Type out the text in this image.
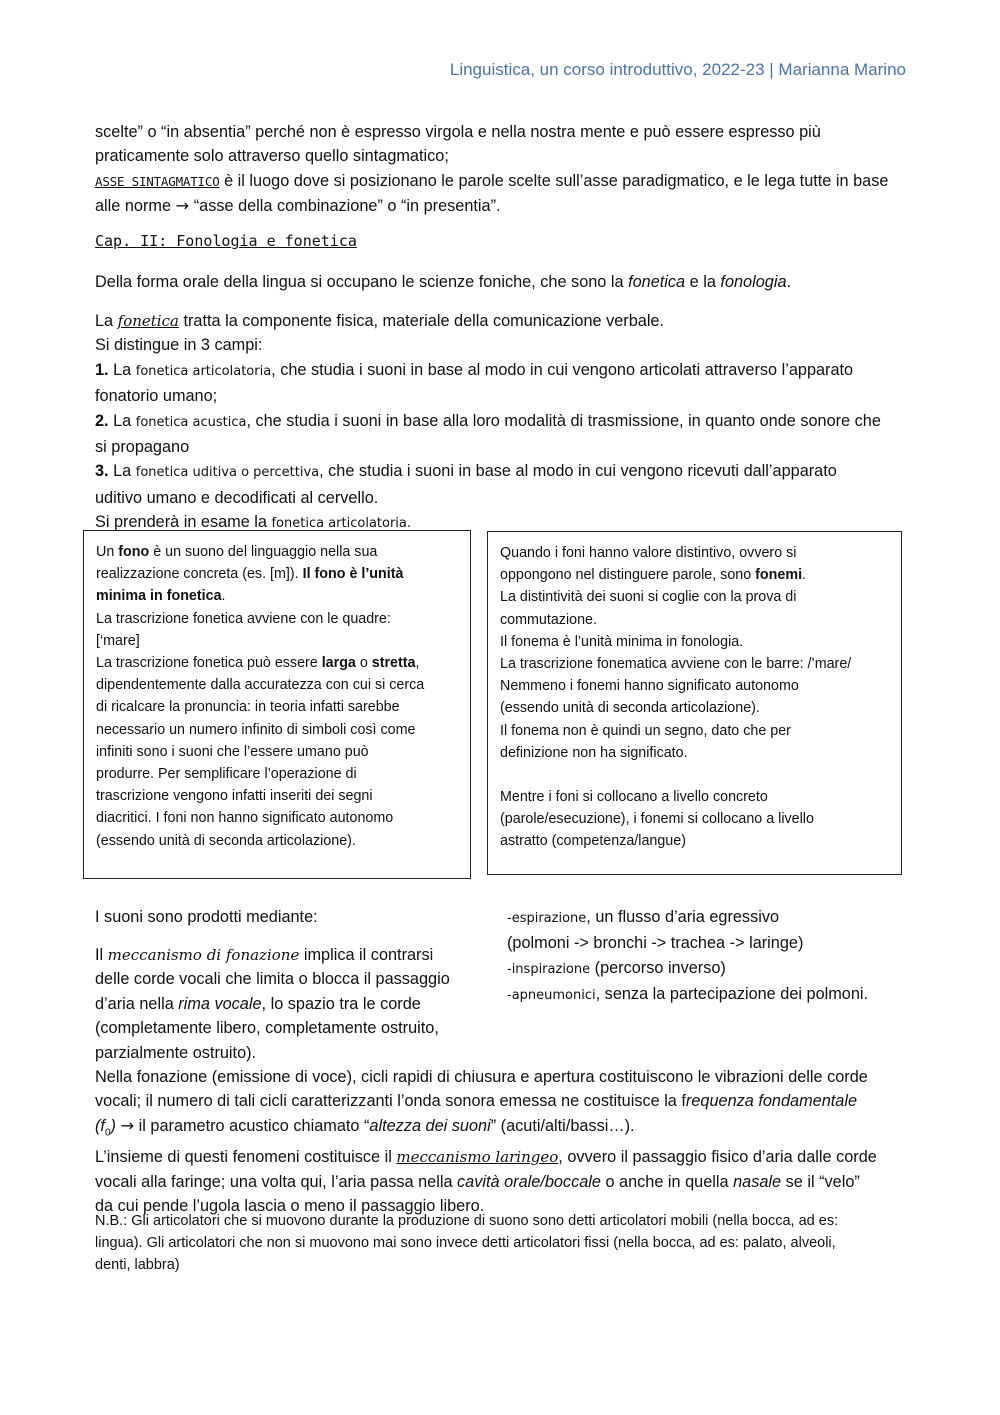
Linguistica, un corso introduttivo, 2022-23 | Marianna Marino
scelte” o “in absentia” perché non è espresso virgola e nella nostra mente e può essere espresso più
praticamente solo attraverso quello sintagmatico;
ASSE SINTAGMATICO è il luogo dove si posizionano le parole scelte sull’asse paradigmatico, e le lega tutte in base
alle norme → “asse della combinazione” o “in presentia”.
Cap. II: Fonologia e fonetica
Della forma orale della lingua si occupano le scienze foniche, che sono la fonetica e la fonologia.
La fonetica tratta la componente fisica, materiale della comunicazione verbale.
Si distingue in 3 campi:
1. La fonetica articolatoria, che studia i suoni in base al modo in cui vengono articolati attraverso l’apparato
fonatorio umano;
2. La fonetica acustica, che studia i suoni in base alla loro modalità di trasmissione, in quanto onde sonore che
si propagano
3. La fonetica uditiva o percettiva, che studia i suoni in base al modo in cui vengono ricevuti dall’apparato
uditivo umano e decodificati al cervello.
Si prenderà in esame la fonetica articolatoria.
Un fono è un suono del linguaggio nella sua
realizzazione concreta (es. [m]). Il fono è l’unità
minima in fonetica.
La trascrizione fonetica avviene con le quadre:
[‘mare]
La trascrizione fonetica può essere larga o stretta,
dipendentemente dalla accuratezza con cui si cerca
di ricalcare la pronuncia: in teoria infatti sarebbe
necessario un numero infinito di simboli così come
infiniti sono i suoni che l’essere umano può
produrre. Per semplificare l’operazione di
trascrizione vengono infatti inseriti dei segni
diacritici. I foni non hanno significato autonomo
(essendo unità di seconda articolazione).
Quando i foni hanno valore distintivo, ovvero si
oppongono nel distinguere parole, sono fonemi.
La distintività dei suoni si coglie con la prova di
commutazione.
Il fonema è l’unità minima in fonologia.
La trascrizione fonematica avviene con le barre: /’mare/
Nemmeno i fonemi hanno significato autonomo
(essendo unità di seconda articolazione).
Il fonema non è quindi un segno, dato che per
definizione non ha significato.
Mentre i foni si collocano a livello concreto
(parole/esecuzione), i fonemi si collocano a livello
astratto (competenza/langue)
I suoni sono prodotti mediante:	-espirazione, un flusso d’aria egressivo
(polmoni -> bronchi -> trachea -> laringe)
-inspirazione (percorso inverso)
-apneumonici, senza la partecipazione dei polmoni.
Il meccanismo di fonazione implica il contrarsi
delle corde vocali che limita o blocca il passaggio
d’aria nella rima vocale, lo spazio tra le corde
(completamente libero, completamente ostruito,
parzialmente ostruito).
Nella fonazione (emissione di voce), cicli rapidi di chiusura e apertura costituiscono le vibrazioni delle corde
vocali; il numero di tali cicli caratterizzanti l’onda sonora emessa ne costituisce la frequenza fondamentale
$(f_0)$ → il parametro acustico chiamato “altezza dei suoni” (acuti/alti/bassi…).
L’insieme di questi fenomeni costituisce il meccanismo laringeo, ovvero il passaggio fisico d’aria dalle corde
vocali alla faringe; una volta qui, l’aria passa nella cavità orale/boccale o anche in quella nasale se il “velo”
da cui pende l’ugola lascia o meno il passaggio libero.
N.B.: Gli articolatori che si muovono durante la produzione di suono sono detti articolatori mobili (nella bocca, ad es:
lingua). Gli articolatori che non si muovono mai sono invece detti articolatori fissi (nella bocca, ad es: palato, alveoli,
denti, labbra)
